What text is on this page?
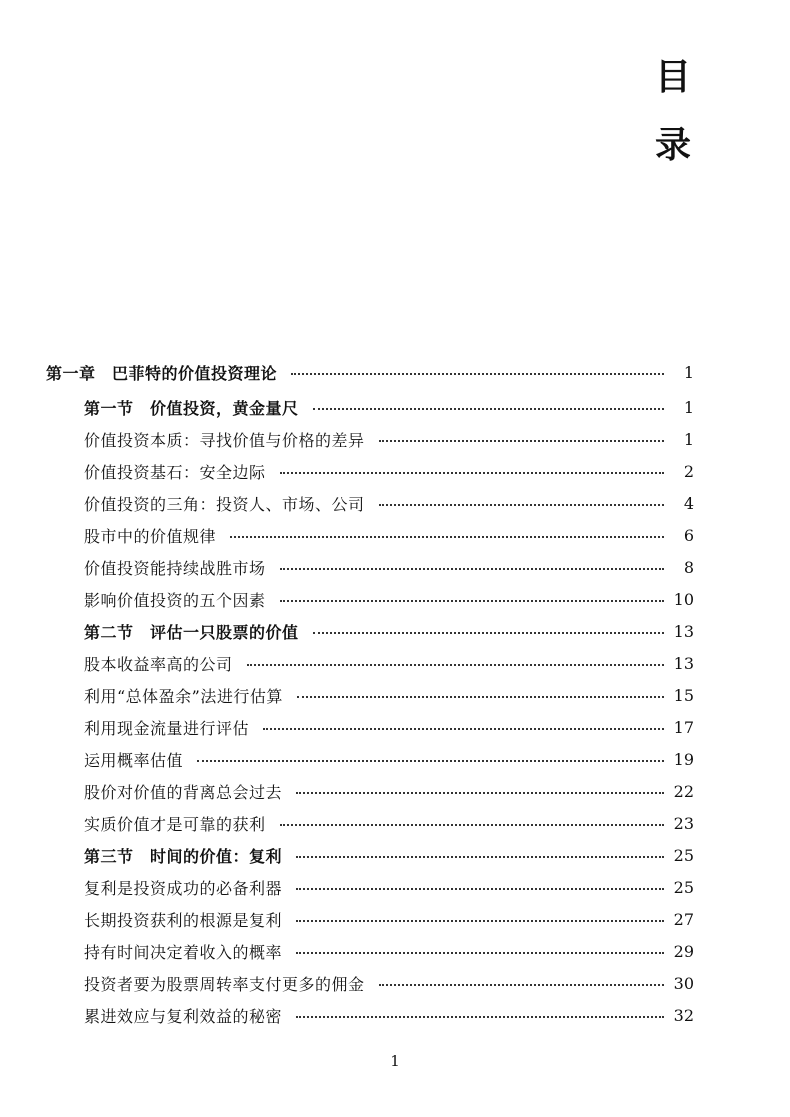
目
录
第一章　巴菲特的价值投资理论	1
第一节　价值投资，黄金量尺	1
价值投资本质：寻找价值与价格的差异	1
价值投资基石：安全边际	2
价值投资的三角：投资人、市场、公司	4
股市中的价值规律	6
价值投资能持续战胜市场	8
影响价值投资的五个因素	10
第二节　评估一只股票的价值	13
股本收益率高的公司	13
利用“总体盈余”法进行估算	15
利用现金流量进行评估	17
运用概率估值	19
股价对价值的背离总会过去	22
实质价值才是可靠的获利	23
第三节　时间的价值：复利	25
复利是投资成功的必备利器	25
长期投资获利的根源是复利	27
持有时间决定着收入的概率	29
投资者要为股票周转率支付更多的佣金	30
累进效应与复利效益的秘密	32
1
